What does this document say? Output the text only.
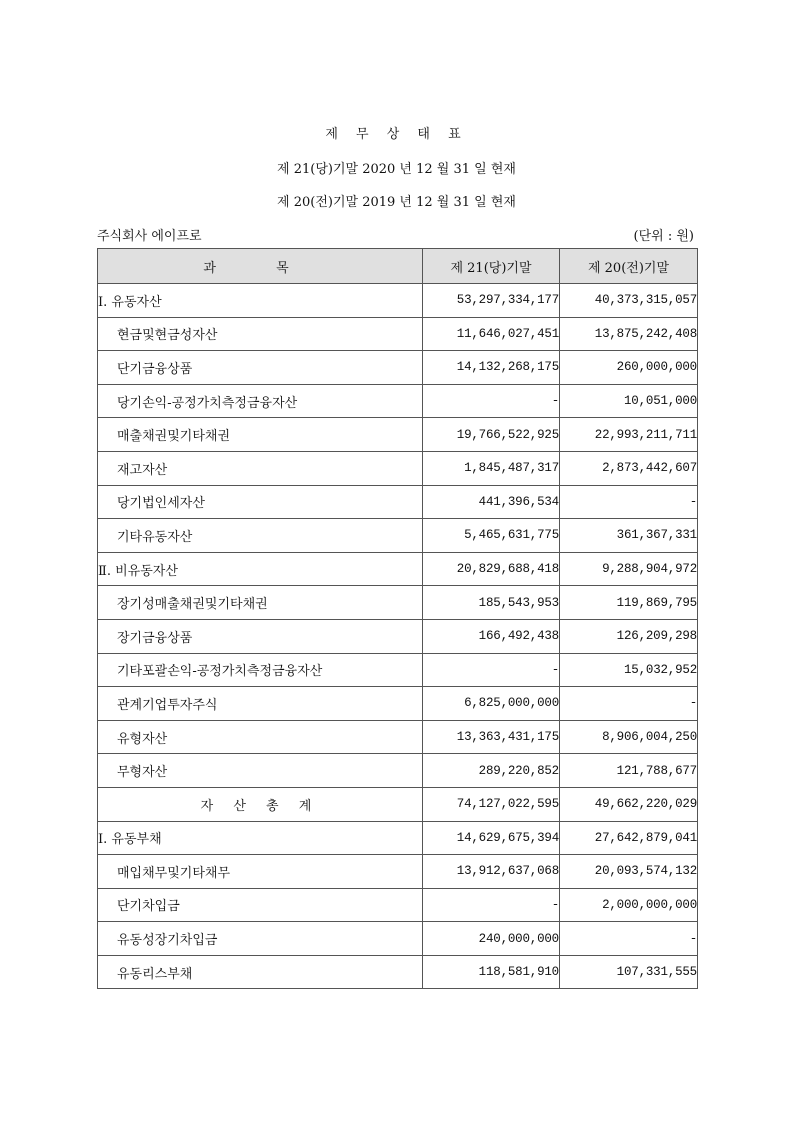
제 무 상 태 표
제 21(당)기말 2020 년 12 월 31 일 현재
제 20(전)기말 2019 년 12 월 31 일 현재
주식회사 에이프로	(단위 : 원)
과 목	제 21(당)기말	제 20(전)기말
Ⅰ. 유동자산	53,297,334,177	40,373,315,057
현금및현금성자산	11,646,027,451	13,875,242,408
단기금융상품	14,132,268,175	260,000,000
당기손익-공정가치측정금융자산	-	10,051,000
매출채권및기타채권	19,766,522,925	22,993,211,711
재고자산	1,845,487,317	2,873,442,607
당기법인세자산	441,396,534	-
기타유동자산	5,465,631,775	361,367,331
Ⅱ. 비유동자산	20,829,688,418	9,288,904,972
장기성매출채권및기타채권	185,543,953	119,869,795
장기금융상품	166,492,438	126,209,298
기타포괄손익-공정가치측정금융자산	-	15,032,952
관계기업투자주식	6,825,000,000	-
유형자산	13,363,431,175	8,906,004,250
무형자산	289,220,852	121,788,677
자 산 총 계	74,127,022,595	49,662,220,029
Ⅰ. 유동부채	14,629,675,394	27,642,879,041
매입채무및기타채무	13,912,637,068	20,093,574,132
단기차입금	-	2,000,000,000
유동성장기차입금	240,000,000	-
유동리스부채	118,581,910	107,331,555
